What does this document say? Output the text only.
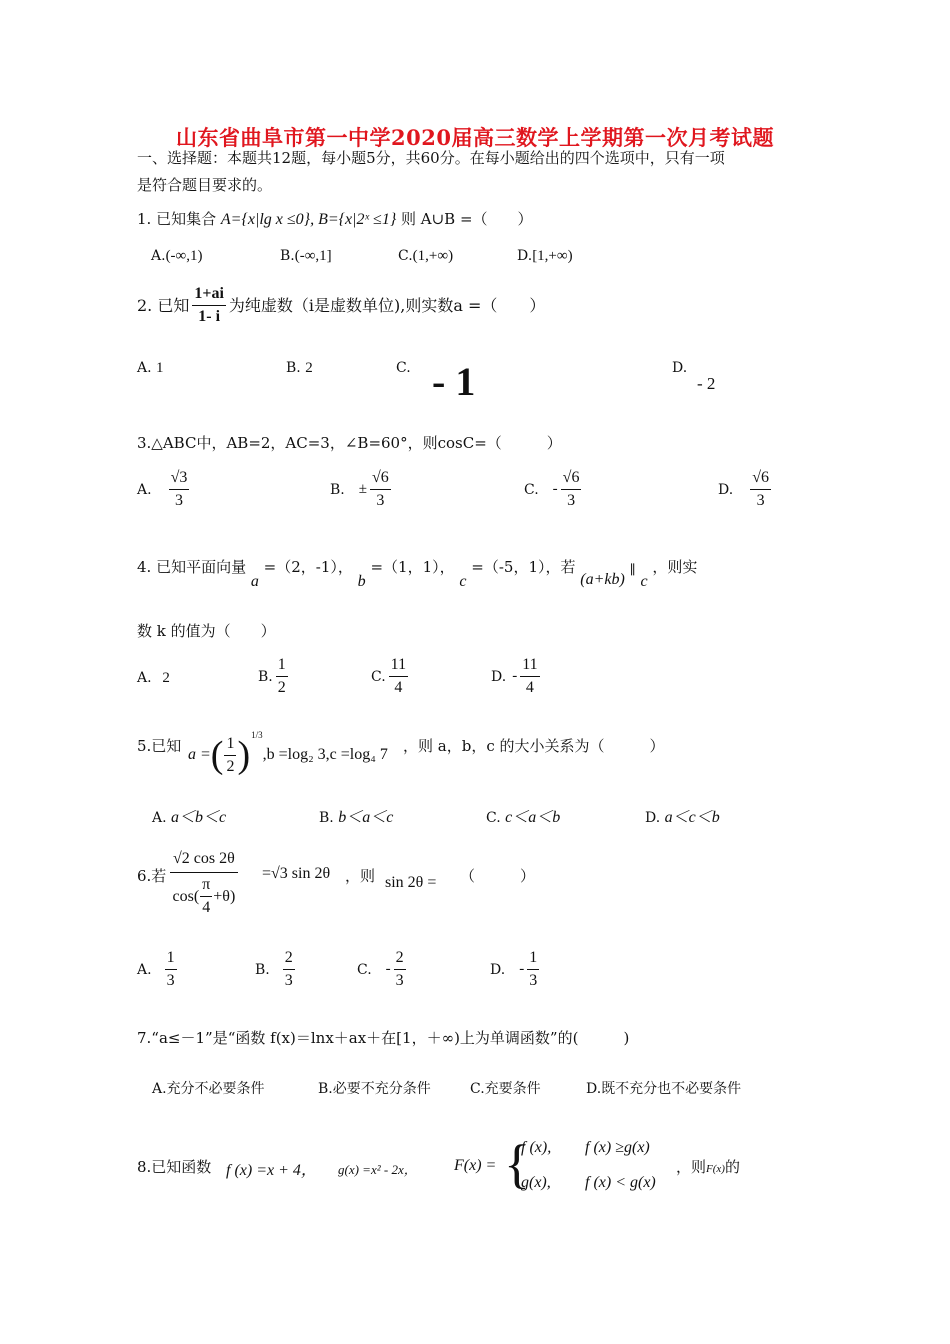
山东省曲阜市第一中学2020届高三数学上学期第一次月考试题
一、选择题：本题共12题，每小题5分，共60分。在每小题给出的四个选项中，只有一项
是符合题目要求的。
1. 已知集合 A={x|lg x ≤0}, B={x|2ˣ ≤1} 则 A∪B =（　　）
A.(-∞,1)	B.(-∞,1]	C.(1,+∞)	D.[1,+∞)
2. 已知 $\frac{1+ai}{1- i}$ 为纯虚数（i是虚数单位),则实数a =（　　）
A. 1	B. 2	C. - 1	D.
- 2
3.△ABC中，AB=2，AC=3，∠B=60°，则cosC=（　　　）
A. $\frac{√3}{3}$	B. ± $\frac{√6}{3}$	C. - $\frac{√6}{3}$	D. $\frac{√6}{3}$
4. 已知平面向量 a =（2，-1）， b =（1，1）， c =（-5，1），若 (a+kb) ∥ c ，则实
数 k 的值为（　　）
A. 2	B. $\frac{1}{2}$	C. $\frac{11}{4}$	D. - $\frac{11}{4}$
5.已知 a = ( $\frac{1}{2}$ ) 1/3
,b =log₂ 3,c =log₄ 7 ，则 a，b，c 的大小关系为（　　　）
A. a＜b＜c	B. b＜a＜c	C. c＜a＜b	D. a＜c＜b
6.若 $\frac{√2 \cos 2\theta}{\cos( \frac{\pi}{4} +\theta)} =√3$ sin 2θ ，则 sin 2θ = （　　　）
A. $\frac{1}{3}$	B. $\frac{2}{3}$	C. - $\frac{2}{3}$	D. - $\frac{1}{3}$
7.“a≤－1”是“函数 f(x)＝lnx＋ax＋在[1，＋∞)上为单调函数”的(　　　)
A.充分不必要条件	B.必要不充分条件	C.充要条件	D.既不充分也不必要条件
8.已知函数 f (x) =x + 4， g(x) =x² - 2x， F(x) = {
f (x), f (x) ≥g(x)
g(x), f (x) < g(x)
，则F(x)的
